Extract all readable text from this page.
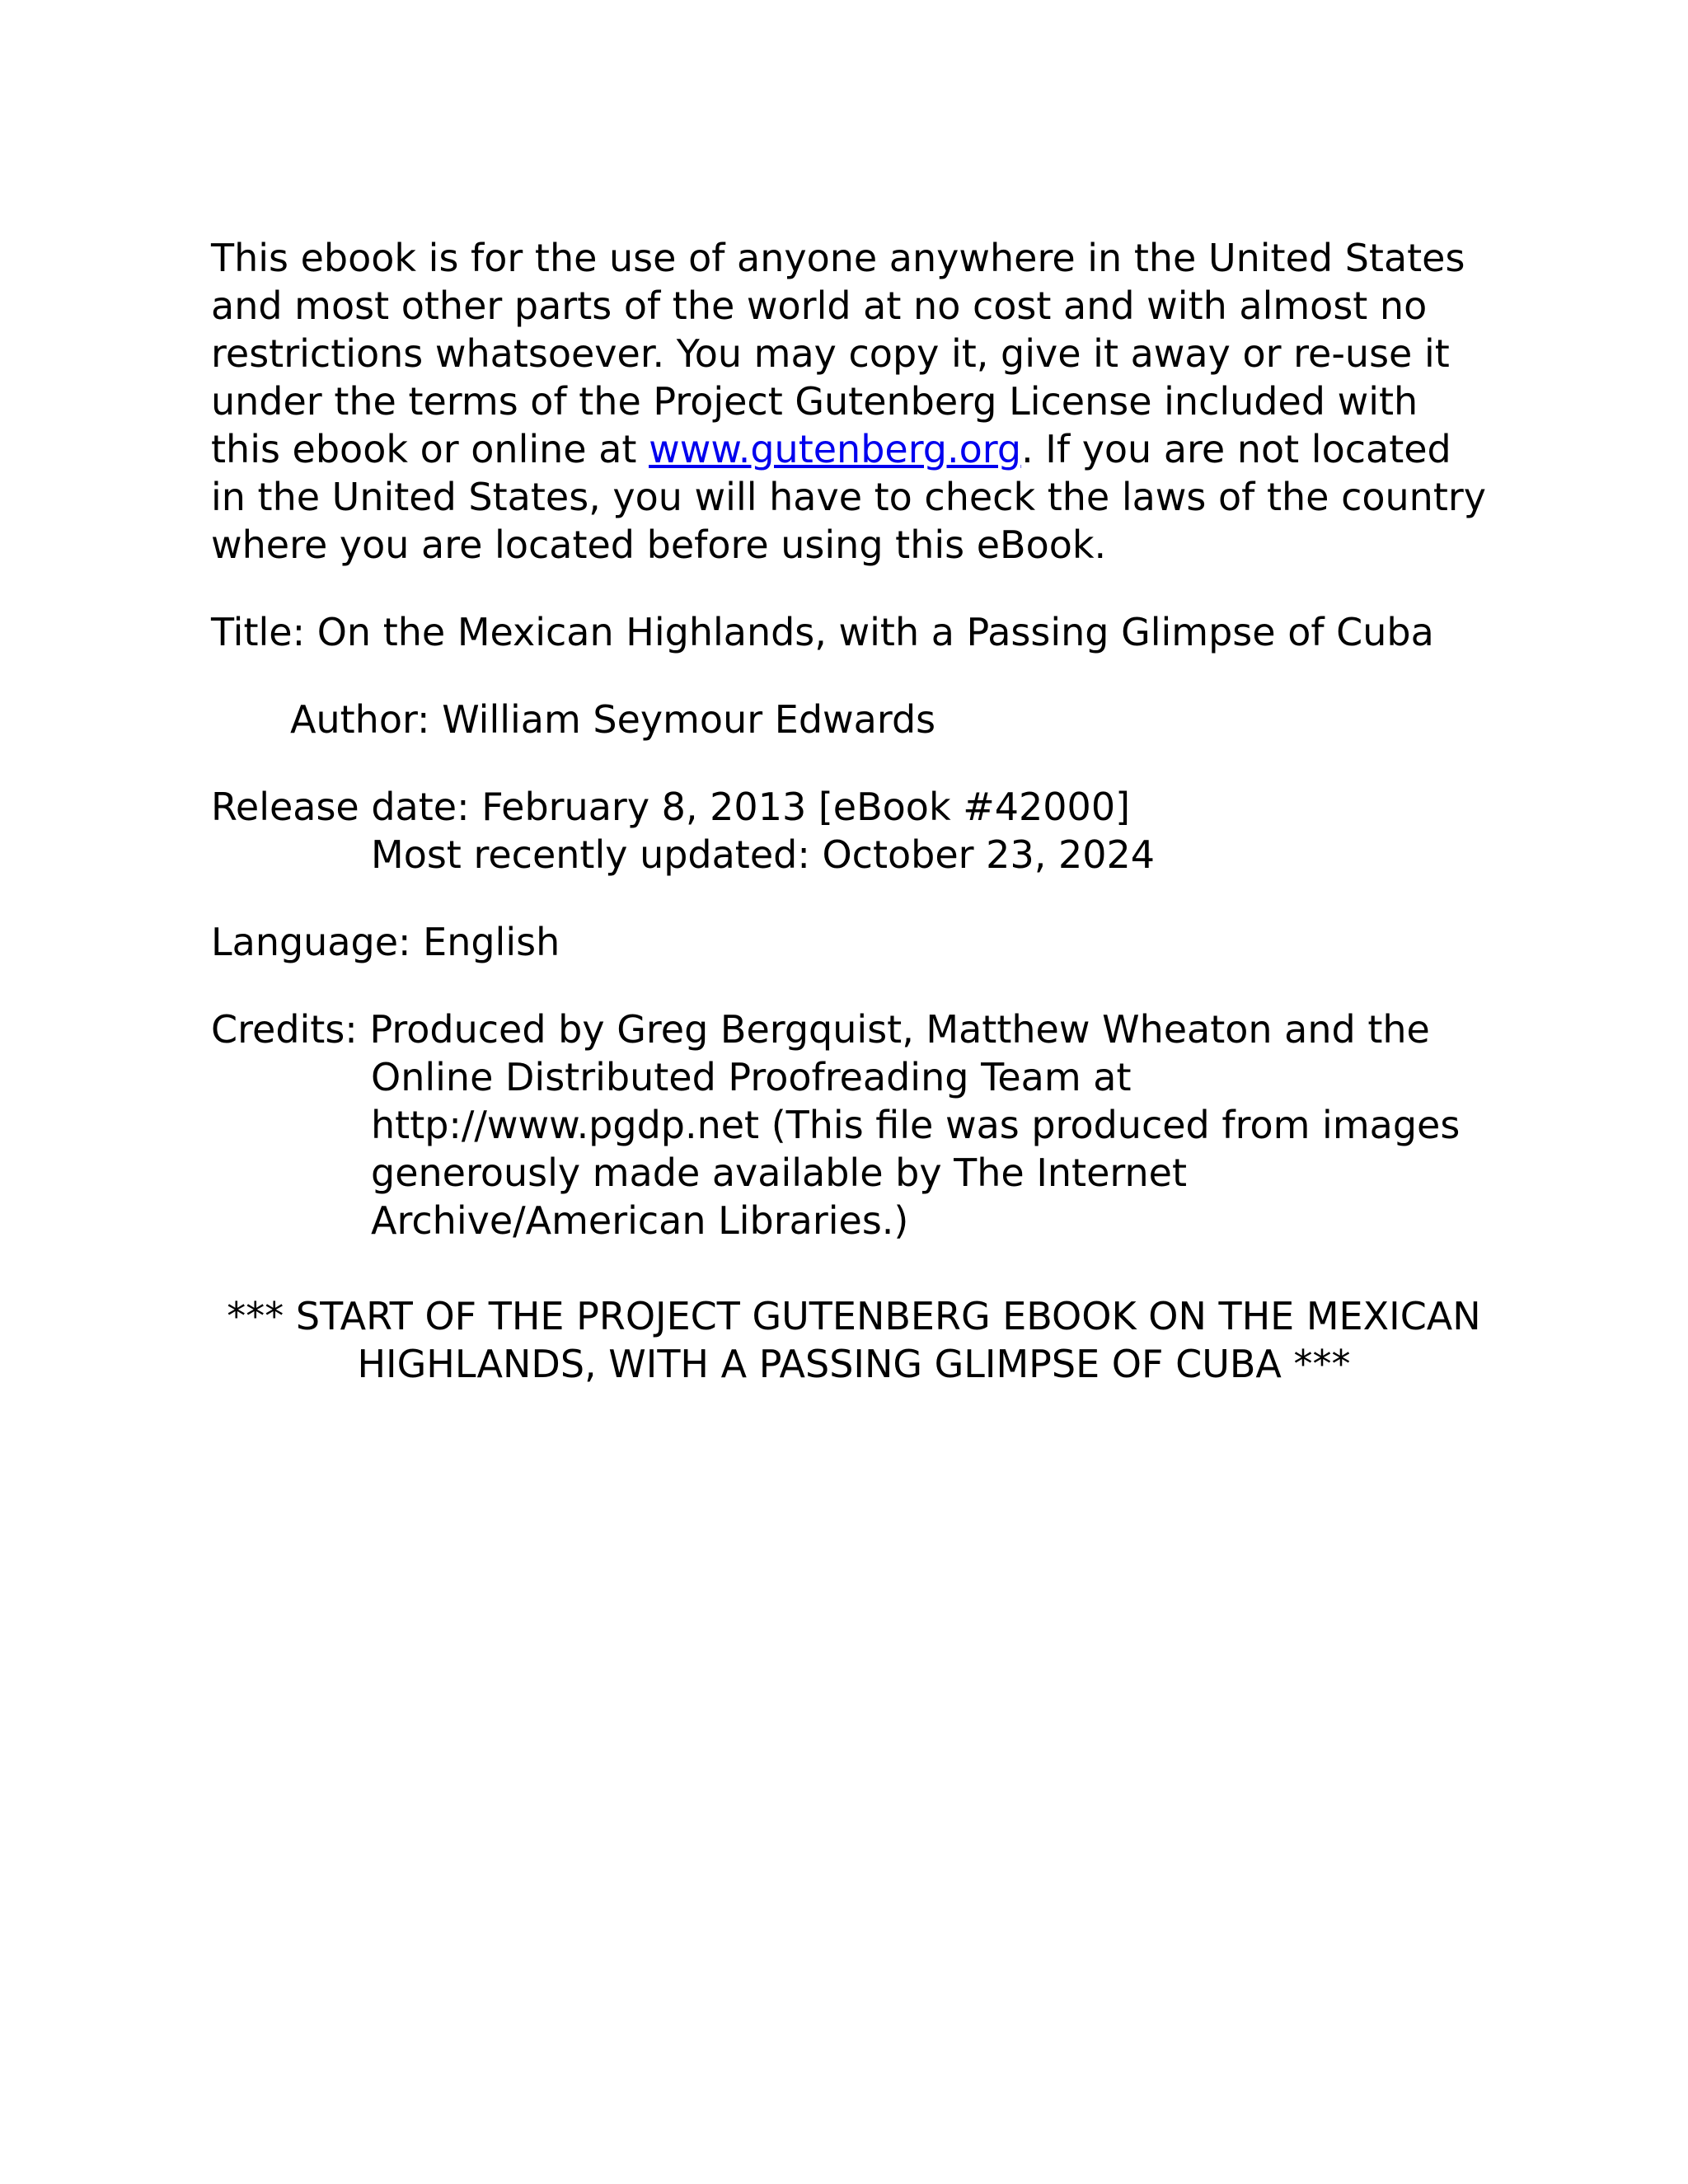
This ebook is for the use of anyone anywhere in the United States and most other parts of the world at no cost and with almost no restrictions whatsoever. You may copy it, give it away or re-use it under the terms of the Project Gutenberg License included with this ebook or online at www.gutenberg.org. If you are not located in the United States, you will have to check the laws of the country where you are located before using this eBook.

Title: On the Mexican Highlands, with a Passing Glimpse of Cuba

Author: William Seymour Edwards

Release date: February 8, 2013 [eBook #42000]

Most recently updated: October 23, 2024

Language: English

Credits: Produced by Greg Bergquist, Matthew Wheaton and the Online Distributed Proofreading Team at http://www.pgdp.net (This file was produced from images generously made available by The Internet Archive/American Libraries.)

*** START OF THE PROJECT GUTENBERG EBOOK ON THE MEXICAN
HIGHLANDS, WITH A PASSING GLIMPSE OF CUBA ***
